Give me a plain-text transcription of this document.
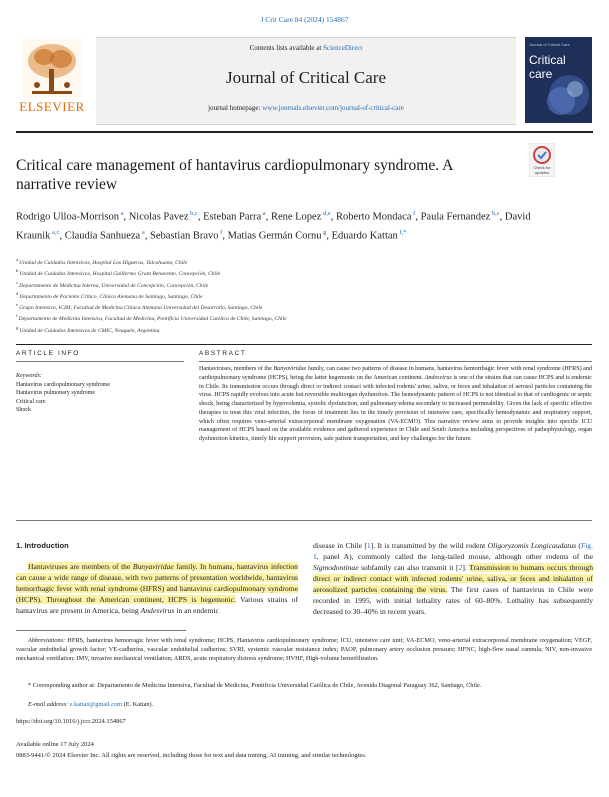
J Crit Care 84 (2024) 154867
ELSEVIER
Contents lists available at ScienceDirect
Journal of Critical Care
journal homepage: www.journals.elsevier.com/journal-of-critical-care
Journal of Critical Care
Critical care
Critical care management of hantavirus cardiopulmonary syndrome. A narrative review
Check for updates
Rodrigo Ulloa-Morrison $^a$, Nicolas Pavez $^{b,c}$, Esteban Parra $^a$, Rene Lopez $^{d,e}$, Roberto Mondaca $^f$, Paula Fernandez $^{b,c}$, David Kraunik $^{a,c}$, Claudia Sanhueza $^a$, Sebastian Bravo $^f$, Matias Germán Cornu $^g$, Eduardo Kattan $^{f,*}$
$^a$ Unidad de Cuidados Intensivos, Hospital Las Higueras, Talcahuano, Chile
$^b$ Unidad de Cuidados Intensivos, Hospital Guillermo Grant Benavente, Concepción, Chile
$^c$ Departamento de Medicina Interna, Universidad de Concepción, Concepción, Chile
$^d$ Departamento de Paciente Crítico, Clínica Alemana de Santiago, Santiago, Chile
$^e$ Grupo Intensivo, ICIM, Facultad de Medicina Clínica Alemana Universidad del Desarrollo, Santiago, Chile
$^f$ Departamento de Medicina Intensiva, Facultad de Medicina, Pontificia Universidad Católica de Chile, Santiago, Chile
$^g$ Unidad de Cuidados Intensivos de CMIC, Neuquén, Argentina
ARTICLE INFO	ABSTRACT
Keywords:
Hantavirus cardiopulmonary syndrome
Hantavirus pulmonary syndrome
Critical care
Shock
Hantaviruses, members of the Bunyaviridae family, can cause two patterns of disease in humans, hantavirus hemorrhagic fever with renal syndrome (HFRS) and cardiopulmonary syndrome (HCPS), being the latter hegemonic on the American continent. Andesvirus is one of the strains that can cause HCPS and is endemic in Chile. Its transmission occurs through direct or indirect contact with infected rodents' urine, saliva, or feces and inhalation of aerosol particles containing the virus. HCPS rapidly evolves into acute but reversible multiorgan dysfunction. The hemodynamic pattern of HCPS is not identical to that of cardiogenic or septic shock, being characterized by hypovolemia, systolic dysfunction, and pulmonary edema secondary to increased permeability. Given the lack of specific effective therapies to treat this viral infection, the focus of treatment lies in the timely provision of intensive care, specifically hemodynamic and respiratory support, which often requires veno-arterial extracorporeal membrane oxygenation (VA-ECMO). This narrative review aims to provide insights into specific ICU management of HCPS based on the available evidence and gathered experience in Chile and South America including perspectives of pathophysiology, organ dysfunction kinetics, timely life support provision, safe patient transportation, and key challenges for the future.
1. Introduction
Hantaviruses are members of the Bunyaviridae family. In humans, hantavirus infection can cause a wide range of disease, with two patterns of presentation worldwide, hantavirus hemorrhagic fever with renal syndrome (HFRS) and hantavirus cardiopulmonary syndrome (HCPS). Throughout the American continent, HCPS is hegemonic. Various strains of hantavirus are present in America, being Andesvirus in an endemic
disease in Chile [1]. It is transmitted by the wild rodent Oligoryzomis Longicaudatus (Fig. 1, panel A), commonly called the long-tailed mouse, although other rodents of the Sigmodontinae subfamily can also transmit it [2]. Transmission to humans occurs through direct or indirect contact with infected rodents' urine, saliva, or feces and inhalation of aerosolized particles containing the virus. The first cases of hantavirus in Chile were recorded in 1995, with initial lethality rates of 60–80%. Lethality has subsequently decreased to 30–40% in recent years.
Abbreviations: HFRS, hantavirus hemorragic fever with renal syndrome; HCPS, Hantavirus cardiopulmonary syndrome; ICU, intensive care unit; VA-ECMO, veno-arterial extracorporeal membrane oxygenation; VEGF, vascular endothelial growth factor; VE-cadherins, vascular endothelial cadherins; SVRI, systemic vascular resistance index; PAOP, pulmonary artery occlusion pressure; HFNC, high-flow nasal cannula; NIV, non-invasive mechanical ventilation; IMV, invasive mechanical ventilation; ARDS, acute respiratory distress syndrome; HVHF, High-volume hemofiltration.
* Corresponding author at: Departamento de Medicina Intensiva, Facultad de Medicina, Pontificia Universidad Católica de Chile, Avenida Diagonal Paraguay 362, Santiago, Chile.
E-mail address: e.kattan@gmail.com (E. Kattan).
https://doi.org/10.1016/j.jccr.2024.154867
Available online 17 July 2024
0883-9441/© 2024 Elsevier Inc. All rights are reserved, including those for text and data mining, AI training, and similar technologies.
